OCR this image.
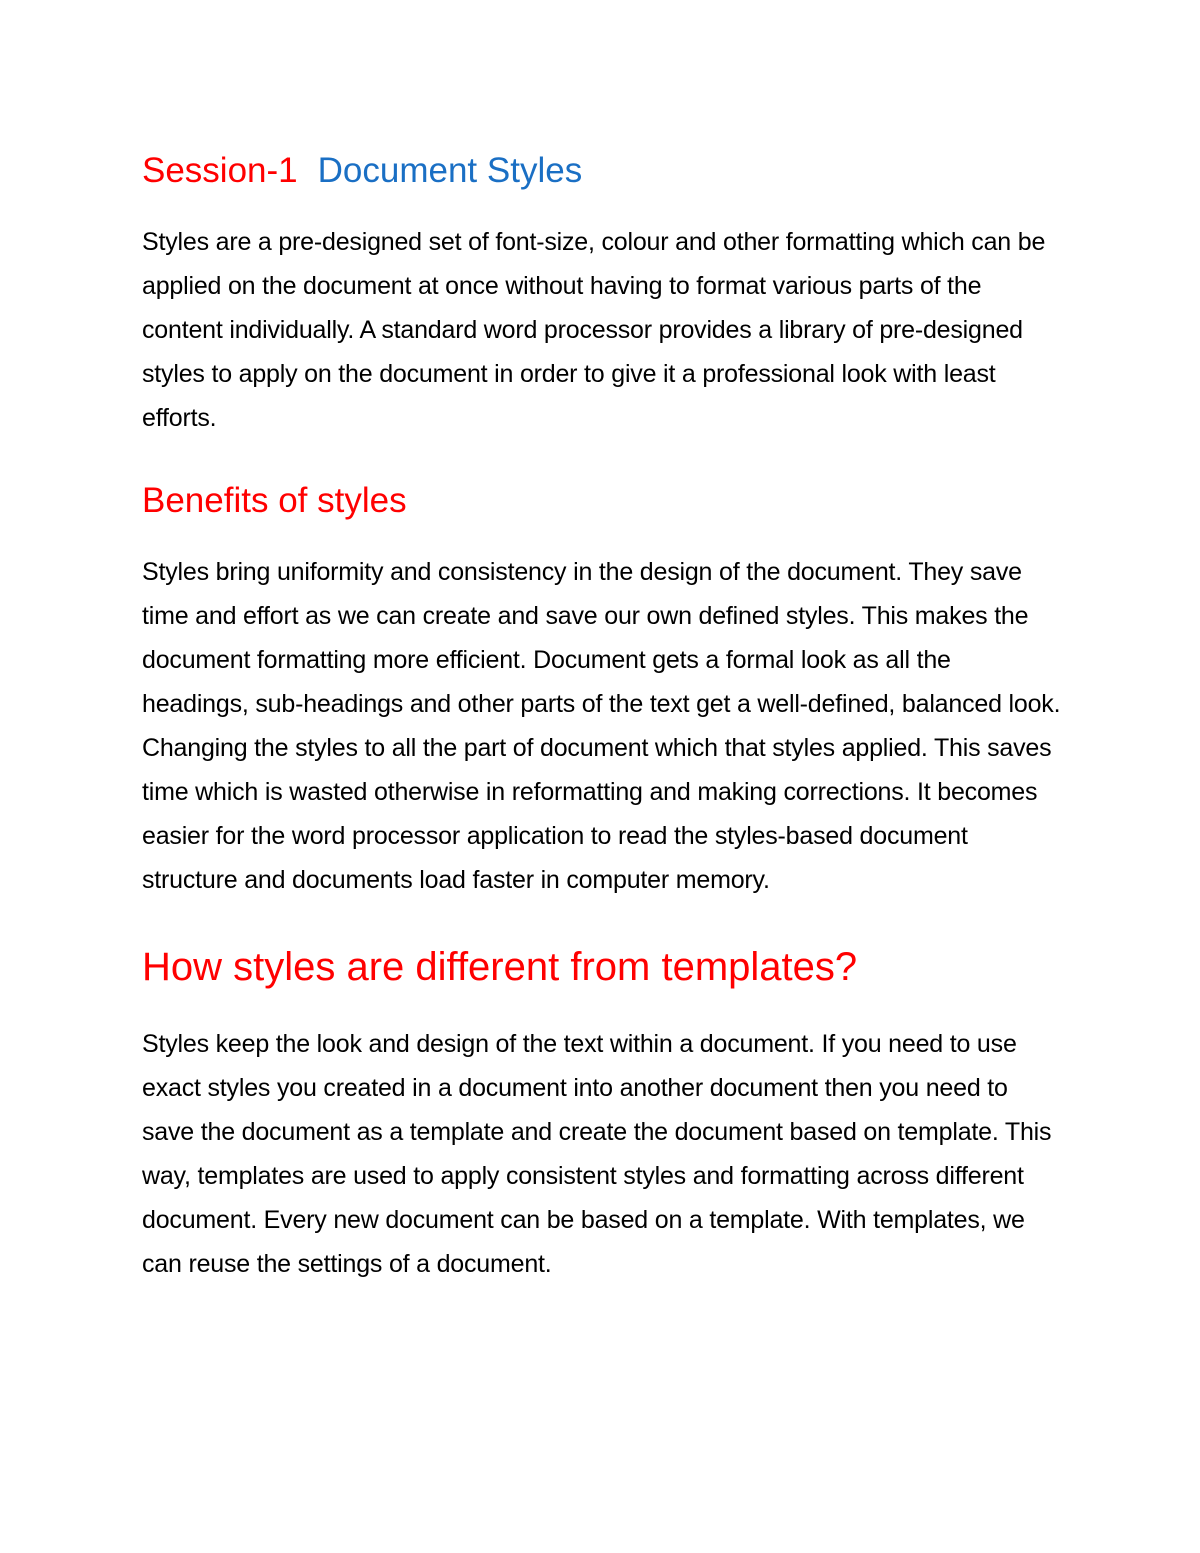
Session-1 Document Styles

Styles are a pre-designed set of font-size, colour and other formatting which can be applied on the document at once without having to format various parts of the content individually. A standard word processor provides a library of pre-designed styles to apply on the document in order to give it a professional look with least efforts.

Benefits of styles

Styles bring uniformity and consistency in the design of the document. They save time and effort as we can create and save our own defined styles. This makes the document formatting more efficient. Document gets a formal look as all the headings, sub-headings and other parts of the text get a well-defined, balanced look. Changing the styles to all the part of document which that styles applied. This saves time which is wasted otherwise in reformatting and making corrections. It becomes easier for the word processor application to read the styles-based document structure and documents load faster in computer memory.

How styles are different from templates?

Styles keep the look and design of the text within a document. If you need to use exact styles you created in a document into another document then you need to save the document as a template and create the document based on template. This way, templates are used to apply consistent styles and formatting across different document. Every new document can be based on a template. With templates, we can reuse the settings of a document.
